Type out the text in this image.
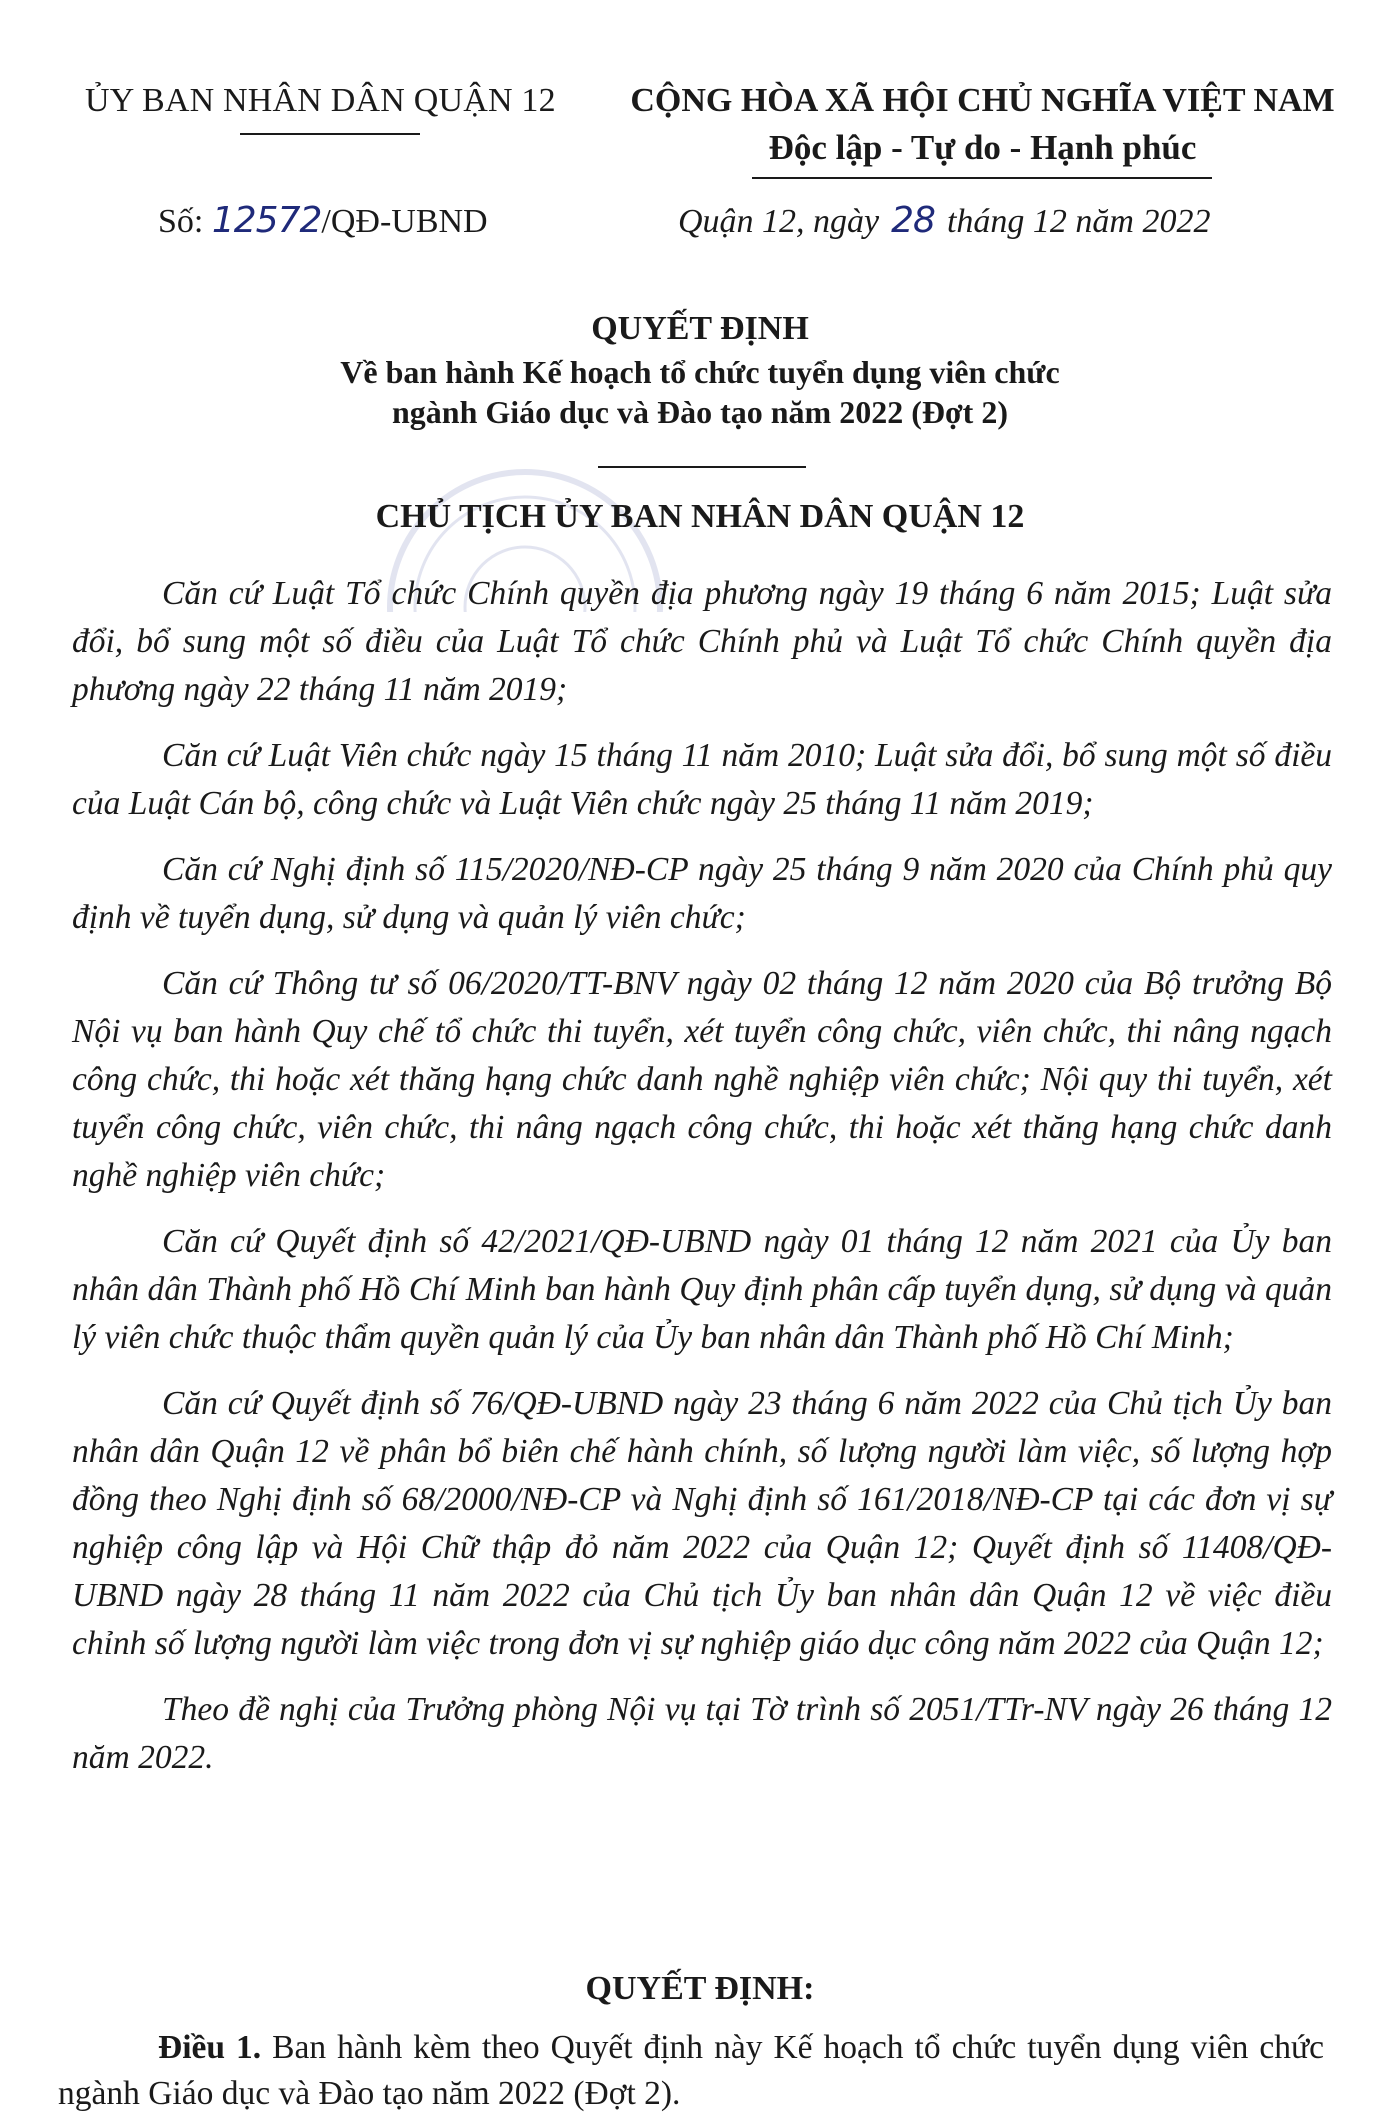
ỦY BAN NHÂN DÂN QUẬN 12	CỘNG HÒA XÃ HỘI CHỦ NGHĨA VIỆT NAM
Độc lập - Tự do - Hạnh phúc
Số: 12572/QĐ-UBND	Quận 12, ngày 28 tháng 12 năm 2022
QUYẾT ĐỊNH
Về ban hành Kế hoạch tổ chức tuyển dụng viên chức
ngành Giáo dục và Đào tạo năm 2022 (Đợt 2)
CHỦ TỊCH ỦY BAN NHÂN DÂN QUẬN 12

Căn cứ Luật Tổ chức Chính quyền địa phương ngày 19 tháng 6 năm 2015; Luật sửa đổi, bổ sung một số điều của Luật Tổ chức Chính phủ và Luật Tổ chức Chính quyền địa phương ngày 22 tháng 11 năm 2019;

Căn cứ Luật Viên chức ngày 15 tháng 11 năm 2010; Luật sửa đổi, bổ sung một số điều của Luật Cán bộ, công chức và Luật Viên chức ngày 25 tháng 11 năm 2019;

Căn cứ Nghị định số 115/2020/NĐ-CP ngày 25 tháng 9 năm 2020 của Chính phủ quy định về tuyển dụng, sử dụng và quản lý viên chức;

Căn cứ Thông tư số 06/2020/TT-BNV ngày 02 tháng 12 năm 2020 của Bộ trưởng Bộ Nội vụ ban hành Quy chế tổ chức thi tuyển, xét tuyển công chức, viên chức, thi nâng ngạch công chức, thi hoặc xét thăng hạng chức danh nghề nghiệp viên chức; Nội quy thi tuyển, xét tuyển công chức, viên chức, thi nâng ngạch công chức, thi hoặc xét thăng hạng chức danh nghề nghiệp viên chức;

Căn cứ Quyết định số 42/2021/QĐ-UBND ngày 01 tháng 12 năm 2021 của Ủy ban nhân dân Thành phố Hồ Chí Minh ban hành Quy định phân cấp tuyển dụng, sử dụng và quản lý viên chức thuộc thẩm quyền quản lý của Ủy ban nhân dân Thành phố Hồ Chí Minh;

Căn cứ Quyết định số 76/QĐ-UBND ngày 23 tháng 6 năm 2022 của Chủ tịch Ủy ban nhân dân Quận 12 về phân bổ biên chế hành chính, số lượng người làm việc, số lượng hợp đồng theo Nghị định số 68/2000/NĐ-CP và Nghị định số 161/2018/NĐ-CP tại các đơn vị sự nghiệp công lập và Hội Chữ thập đỏ năm 2022 của Quận 12; Quyết định số 11408/QĐ-UBND ngày 28 tháng 11 năm 2022 của Chủ tịch Ủy ban nhân dân Quận 12 về việc điều chỉnh số lượng người làm việc trong đơn vị sự nghiệp giáo dục công năm 2022 của Quận 12;

Theo đề nghị của Trưởng phòng Nội vụ tại Tờ trình số 2051/TTr-NV ngày 26 tháng 12 năm 2022.

QUYẾT ĐỊNH:
Điều 1. Ban hành kèm theo Quyết định này Kế hoạch tổ chức tuyển dụng viên chức ngành Giáo dục và Đào tạo năm 2022 (Đợt 2).
